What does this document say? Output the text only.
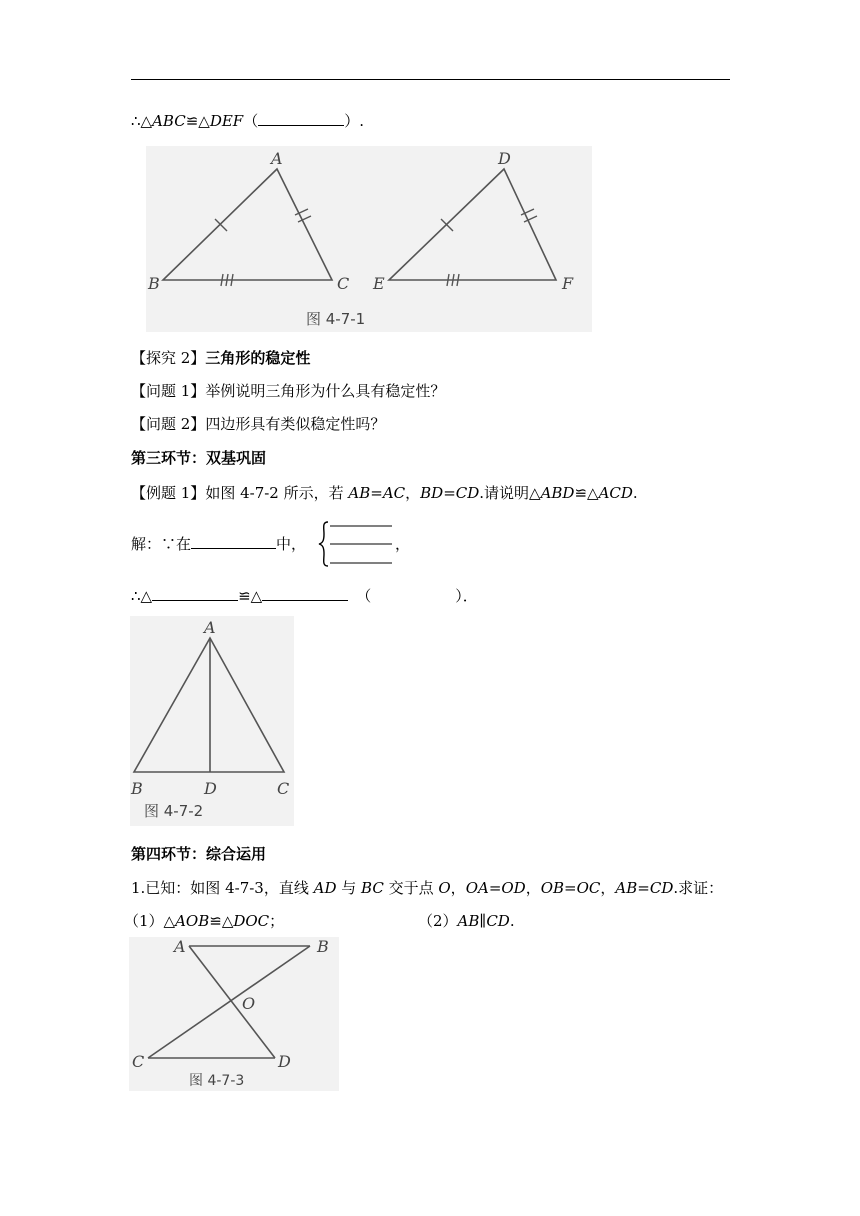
∴△ABC≌△DEF（	）.
A
B	C
D
E	F
图 4-7-1
【探究 2】三角形的稳定性
【问题 1】举例说明三角形为什么具有稳定性？
【问题 2】四边形具有类似稳定性吗？
第三环节：双基巩固
【例题 1】如图 4-7-2 所示，若 AB=AC，BD=CD.请说明△ABD≌△ACD.
解：∵在	中，	，
∴△	≌△	（	）．
A
B	D	C
图 4-7-2
第四环节：综合运用
1.已知：如图 4-7-3，直线 AD 与 BC 交于点 O，OA=OD，OB=OC，AB=CD.求证：
（1）△AOB≌△DOC；	（2）AB∥CD.
A	B
O
C	D
图 4-7-3
